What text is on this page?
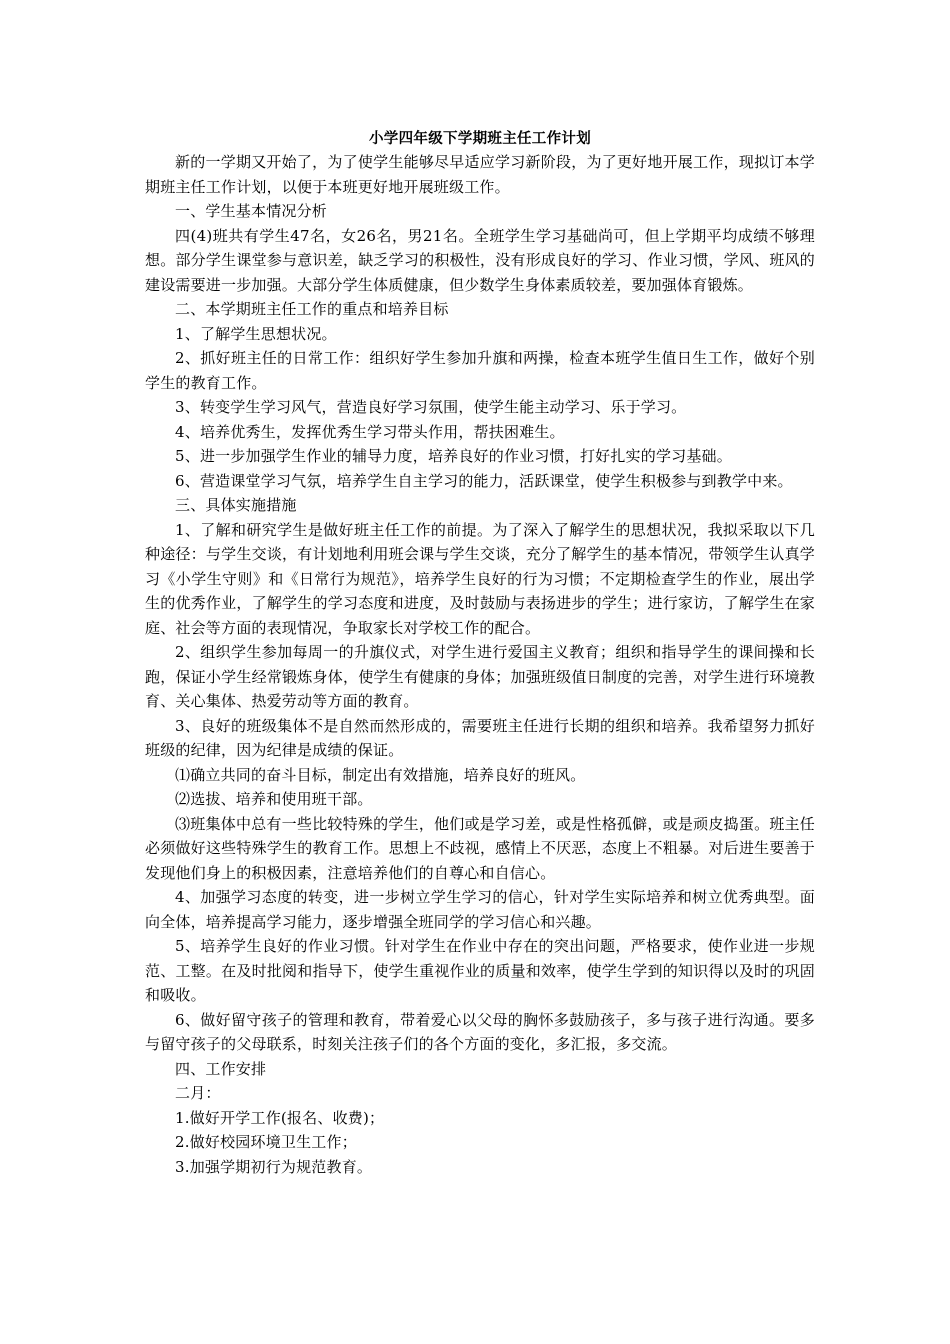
小学四年级下学期班主任工作计划

新的一学期又开始了，为了使学生能够尽早适应学习新阶段，为了更好地开展工作，现拟订本学期班主任工作计划，以便于本班更好地开展班级工作。

一、学生基本情况分析

四(4)班共有学生47名，女26名，男21名。全班学生学习基础尚可，但上学期平均成绩不够理想。部分学生课堂参与意识差，缺乏学习的积极性，没有形成良好的学习、作业习惯，学风、班风的建设需要进一步加强。大部分学生体质健康，但少数学生身体素质较差，要加强体育锻炼。

二、本学期班主任工作的重点和培养目标

1、了解学生思想状况。

2、抓好班主任的日常工作：组织好学生参加升旗和两操，检查本班学生值日生工作，做好个别学生的教育工作。

3、转变学生学习风气，营造良好学习氛围，使学生能主动学习、乐于学习。

4、培养优秀生，发挥优秀生学习带头作用，帮扶困难生。

5、进一步加强学生作业的辅导力度，培养良好的作业习惯，打好扎实的学习基础。

6、营造课堂学习气氛，培养学生自主学习的能力，活跃课堂，使学生积极参与到教学中来。

三、具体实施措施

1、了解和研究学生是做好班主任工作的前提。为了深入了解学生的思想状况，我拟采取以下几种途径：与学生交谈，有计划地利用班会课与学生交谈，充分了解学生的基本情况，带领学生认真学习《小学生守则》和《日常行为规范》，培养学生良好的行为习惯；不定期检查学生的作业，展出学生的优秀作业，了解学生的学习态度和进度，及时鼓励与表扬进步的学生；进行家访，了解学生在家庭、社会等方面的表现情况，争取家长对学校工作的配合。

2、组织学生参加每周一的升旗仪式，对学生进行爱国主义教育；组织和指导学生的课间操和长跑，保证小学生经常锻炼身体，使学生有健康的身体；加强班级值日制度的完善，对学生进行环境教育、关心集体、热爱劳动等方面的教育。

3、良好的班级集体不是自然而然形成的，需要班主任进行长期的组织和培养。我希望努力抓好班级的纪律，因为纪律是成绩的保证。

⑴确立共同的奋斗目标，制定出有效措施，培养良好的班风。

⑵选拔、培养和使用班干部。

⑶班集体中总有一些比较特殊的学生，他们或是学习差，或是性格孤僻，或是顽皮捣蛋。班主任必须做好这些特殊学生的教育工作。思想上不歧视，感情上不厌恶，态度上不粗暴。对后进生要善于发现他们身上的积极因素，注意培养他们的自尊心和自信心。

4、加强学习态度的转变，进一步树立学生学习的信心，针对学生实际培养和树立优秀典型。面向全体，培养提高学习能力，逐步增强全班同学的学习信心和兴趣。

5、培养学生良好的作业习惯。针对学生在作业中存在的突出问题，严格要求，使作业进一步规范、工整。在及时批阅和指导下，使学生重视作业的质量和效率，使学生学到的知识得以及时的巩固和吸收。

6、做好留守孩子的管理和教育，带着爱心以父母的胸怀多鼓励孩子，多与孩子进行沟通。要多与留守孩子的父母联系，时刻关注孩子们的各个方面的变化，多汇报，多交流。

四、工作安排

二月：

1.做好开学工作(报名、收费)；

2.做好校园环境卫生工作；

3.加强学期初行为规范教育。
